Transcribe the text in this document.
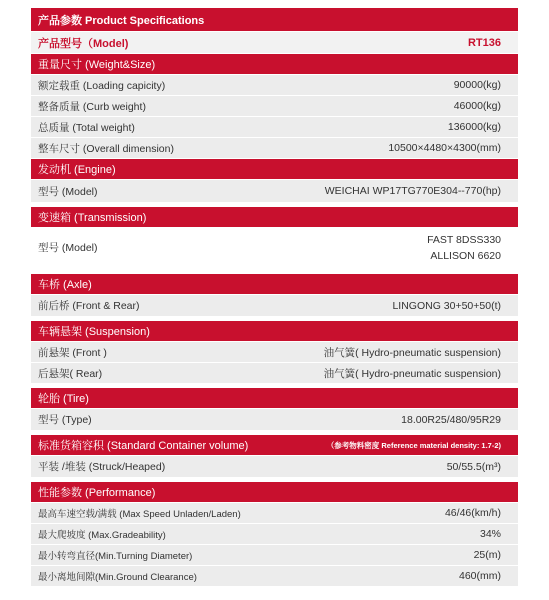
产品参数 Product Specifications
产品型号（Model)	RT136
重量尺寸 (Weight&Size)
额定载重 (Loading capicity)	90000(kg)
整备质量 (Curb weight)	46000(kg)
总质量 (Total weight)	136000(kg)
整车尺寸 (Overall dimension)	10500×4480×4300(mm)
发动机 (Engine)
型号 (Model)	WEICHAI WP17TG770E304--770(hp)
变速箱 (Transmission)
型号 (Model)
FAST 8DSS330
ALLISON 6620
车桥 (Axle)
前后桥 (Front & Rear)	LINGONG 30+50+50(t)
车辆悬架 (Suspension)
前悬架 (Front )	油气簧( Hydro-pneumatic suspension)
后悬架( Rear)	油气簧( Hydro-pneumatic suspension)
轮胎 (Tire)
型号 (Type)	18.00R25/480/95R29
标准货箱容积 (Standard Container volume)	（参考物料密度 Reference material density: 1.7-2)
平装 /堆装 (Struck/Heaped)	50/55.5(m³)
性能参数 (Performance)
最高车速空载/满载 (Max Speed Unladen/Laden)	46/46(km/h)
最大爬坡度 (Max.Gradeability)	34%
最小转弯直径(Min.Turning Diameter)	25(m)
最小离地间隙(Min.Ground Clearance)	460(mm)
